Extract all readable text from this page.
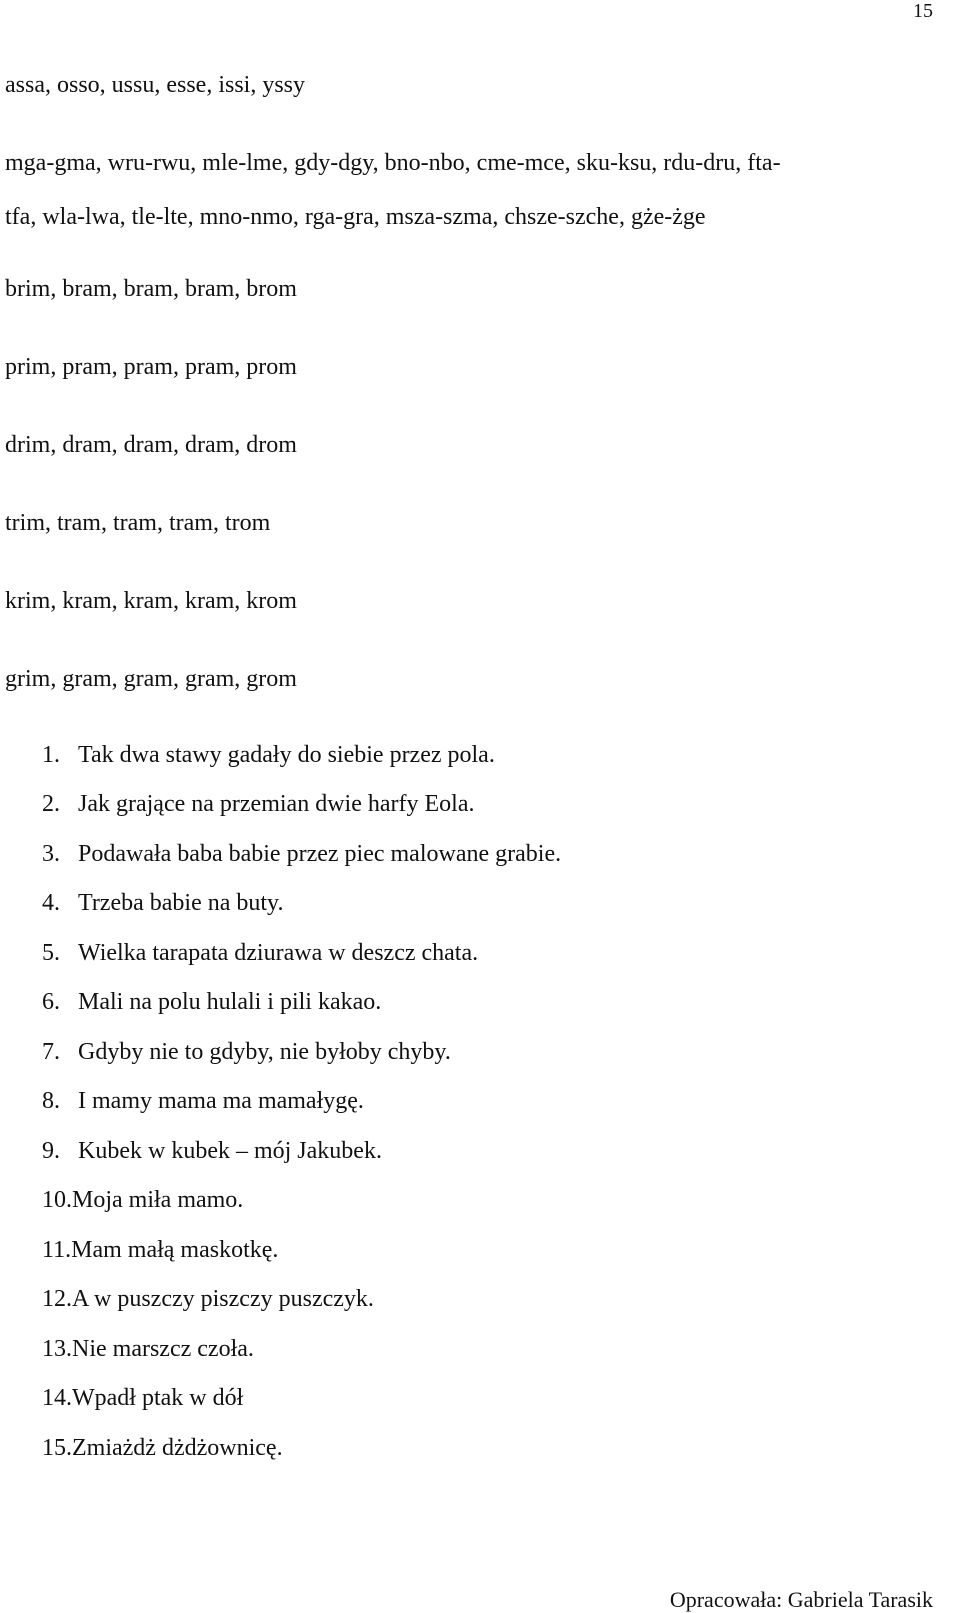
15
assa, osso, ussu, esse, issi, yssy
mga-gma, wru-rwu, mle-lme, gdy-dgy, bno-nbo, cme-mce, sku-ksu, rdu-dru, fta-
tfa, wla-lwa, tle-lte, mno-nmo, rga-gra, msza-szma, chsze-szche, gże-żge
brim, bram, bram, bram, brom
prim, pram, pram, pram, prom
drim, dram, dram, dram, drom
trim, tram, tram, tram, trom
krim, kram, kram, kram, krom
grim, gram, gram, gram, grom
1. Tak dwa stawy gadały do siebie przez pola.
2. Jak grające na przemian dwie harfy Eola.
3. Podawała baba babie przez piec malowane grabie.
4. Trzeba babie na buty.
5. Wielka tarapata dziurawa w deszcz chata.
6. Mali na polu hulali i pili kakao.
7. Gdyby nie to gdyby, nie byłoby chyby.
8. I mamy mama ma mamałygę.
9. Kubek w kubek – mój Jakubek.
10.Moja miła mamo.
11.Mam małą maskotkę.
12.A w puszczy piszczy puszczyk.
13.Nie marszcz czoła.
14.Wpadł ptak w dół
15.Zmiażdż dżdżownicę.
Opracowała: Gabriela Tarasik
